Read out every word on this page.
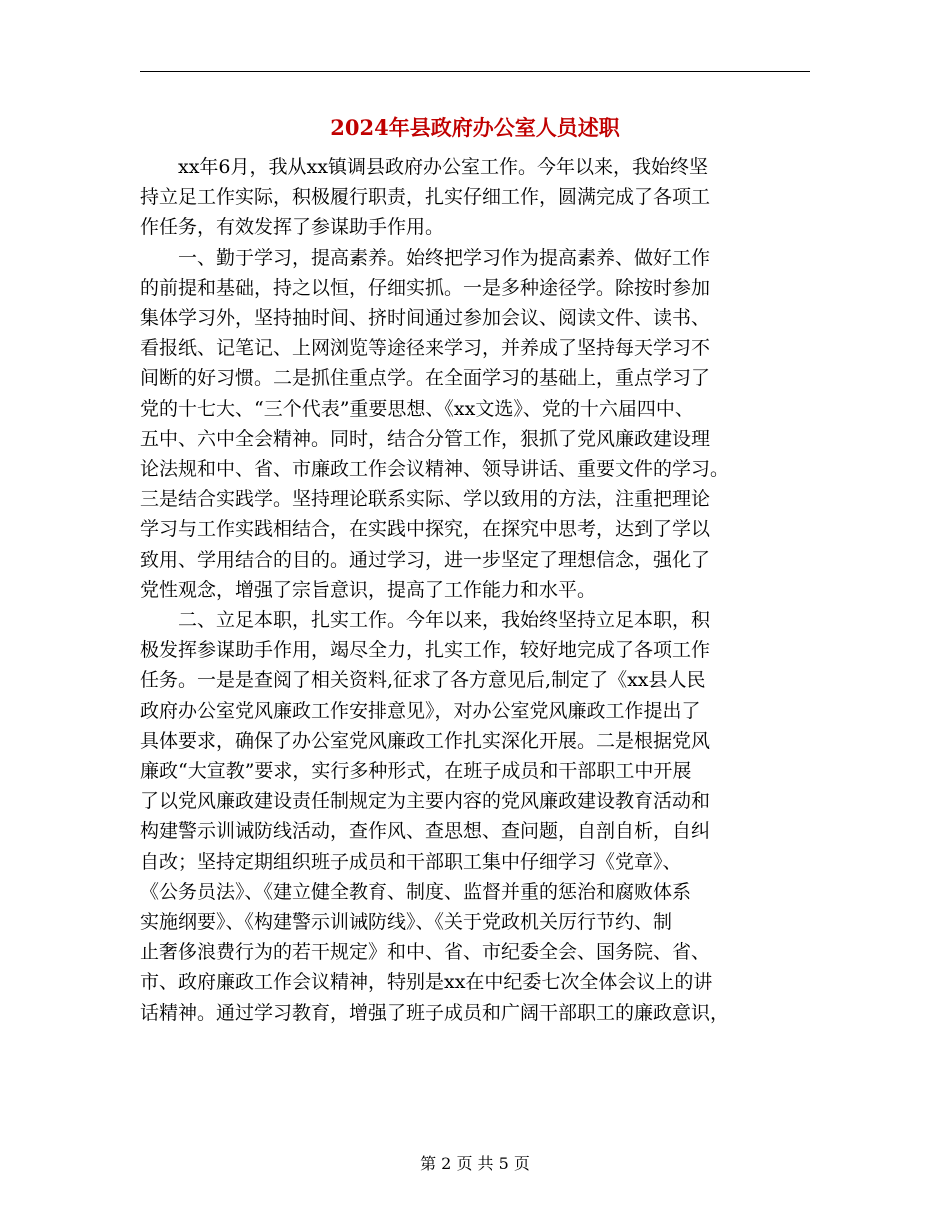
2024年县政府办公室人员述职
　　xx年6月，我从xx镇调县政府办公室工作。今年以来，我始终坚
持立足工作实际，积极履行职责，扎实仔细工作，圆满完成了各项工
作任务，有效发挥了参谋助手作用。
　　一、勤于学习，提高素养。始终把学习作为提高素养、做好工作
的前提和基础，持之以恒，仔细实抓。一是多种途径学。除按时参加
集体学习外，坚持抽时间、挤时间通过参加会议、阅读文件、读书、
看报纸、记笔记、上网浏览等途径来学习，并养成了坚持每天学习不
间断的好习惯。二是抓住重点学。在全面学习的基础上，重点学习了
党的十七大、“三个代表”重要思想、《xx文选》、党的十六届四中、
五中、六中全会精神。同时，结合分管工作，狠抓了党风廉政建设理
论法规和中、省、市廉政工作会议精神、领导讲话、重要文件的学习。
三是结合实践学。坚持理论联系实际、学以致用的方法，注重把理论
学习与工作实践相结合，在实践中探究，在探究中思考，达到了学以
致用、学用结合的目的。通过学习，进一步坚定了理想信念，强化了
党性观念，增强了宗旨意识，提高了工作能力和水平。
　　二、立足本职，扎实工作。今年以来，我始终坚持立足本职，积
极发挥参谋助手作用，竭尽全力，扎实工作，较好地完成了各项工作
任务。一是是查阅了相关资料,征求了各方意见后,制定了《xx县人民
政府办公室党风廉政工作安排意见》，对办公室党风廉政工作提出了
具体要求，确保了办公室党风廉政工作扎实深化开展。二是根据党风
廉政“大宣教”要求，实行多种形式，在班子成员和干部职工中开展
了以党风廉政建设责任制规定为主要内容的党风廉政建设教育活动和
构建警示训诫防线活动，查作风、查思想、查问题，自剖自析，自纠
自改；坚持定期组织班子成员和干部职工集中仔细学习《党章》、
《公务员法》、《建立健全教育、制度、监督并重的惩治和腐败体系
实施纲要》、《构建警示训诫防线》、《关于党政机关厉行节约、制
止奢侈浪费行为的若干规定》和中、省、市纪委全会、国务院、省、
市、政府廉政工作会议精神，特别是xx在中纪委七次全体会议上的讲
话精神。通过学习教育，增强了班子成员和广阔干部职工的廉政意识，
第 2 页 共 5 页
